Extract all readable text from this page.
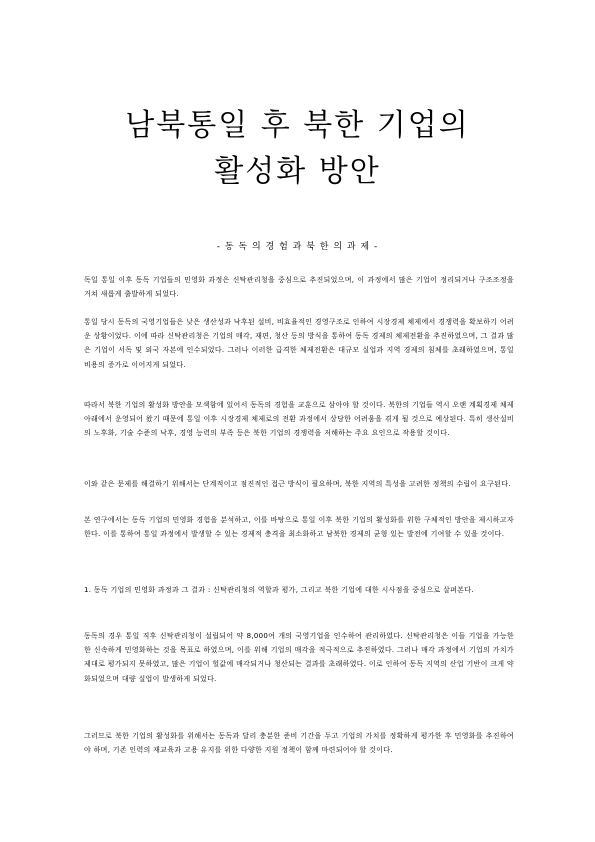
남북통일 후 북한 기업의
활성화 방안
- 동 독 의 경 험 과 북 한 의 과 제 -

독일 통일 이후 동독 기업들의 민영화 과정은 신탁관리청을 중심으로 추진되었으며, 이 과정에서 많은 기업이 정리되거나 구조조정을 거쳐 새롭게 출발하게 되었다.

통일 당시 동독의 국영기업들은 낮은 생산성과 낙후된 설비, 비효율적인 경영구조로 인하여 시장경제 체제에서 경쟁력을 확보하기 어려운 상황이었다. 이에 따라 신탁관리청은 기업의 매각, 재편, 청산 등의 방식을 통하여 동독 경제의 체제전환을 추진하였으며, 그 결과 많은 기업이 서독 및 외국 자본에 인수되었다. 그러나 이러한 급격한 체제전환은 대규모 실업과 지역 경제의 침체를 초래하였으며, 통일 비용의 증가로 이어지게 되었다.

따라서 북한 기업의 활성화 방안을 모색함에 있어서 동독의 경험을 교훈으로 삼아야 할 것이다. 북한의 기업들 역시 오랜 계획경제 체제 아래에서 운영되어 왔기 때문에 통일 이후 시장경제 체제로의 전환 과정에서 상당한 어려움을 겪게 될 것으로 예상된다. 특히 생산설비의 노후화, 기술 수준의 낙후, 경영 능력의 부족 등은 북한 기업의 경쟁력을 저해하는 주요 요인으로 작용할 것이다.

이와 같은 문제를 해결하기 위해서는 단계적이고 점진적인 접근 방식이 필요하며, 북한 지역의 특성을 고려한 정책의 수립이 요구된다.

본 연구에서는 동독 기업의 민영화 경험을 분석하고, 이를 바탕으로 통일 이후 북한 기업의 활성화를 위한 구체적인 방안을 제시하고자 한다. 이를 통하여 통일 과정에서 발생할 수 있는 경제적 충격을 최소화하고 남북한 경제의 균형 있는 발전에 기여할 수 있을 것이다.

1. 동독 기업의 민영화 과정과 그 결과 : 신탁관리청의 역할과 평가, 그리고 북한 기업에 대한 시사점을 중심으로 살펴본다.

동독의 경우 통일 직후 신탁관리청이 설립되어 약 8,000여 개의 국영기업을 인수하여 관리하였다. 신탁관리청은 이들 기업을 가능한 한 신속하게 민영화하는 것을 목표로 하였으며, 이를 위해 기업의 매각을 적극적으로 추진하였다. 그러나 매각 과정에서 기업의 가치가 제대로 평가되지 못하였고, 많은 기업이 헐값에 매각되거나 청산되는 결과를 초래하였다. 이로 인하여 동독 지역의 산업 기반이 크게 약화되었으며 대량 실업이 발생하게 되었다.

그러므로 북한 기업의 활성화를 위해서는 동독과 달리 충분한 준비 기간을 두고 기업의 가치를 정확하게 평가한 후 민영화를 추진하여야 하며, 기존 인력의 재교육과 고용 유지를 위한 다양한 지원 정책이 함께 마련되어야 할 것이다.
